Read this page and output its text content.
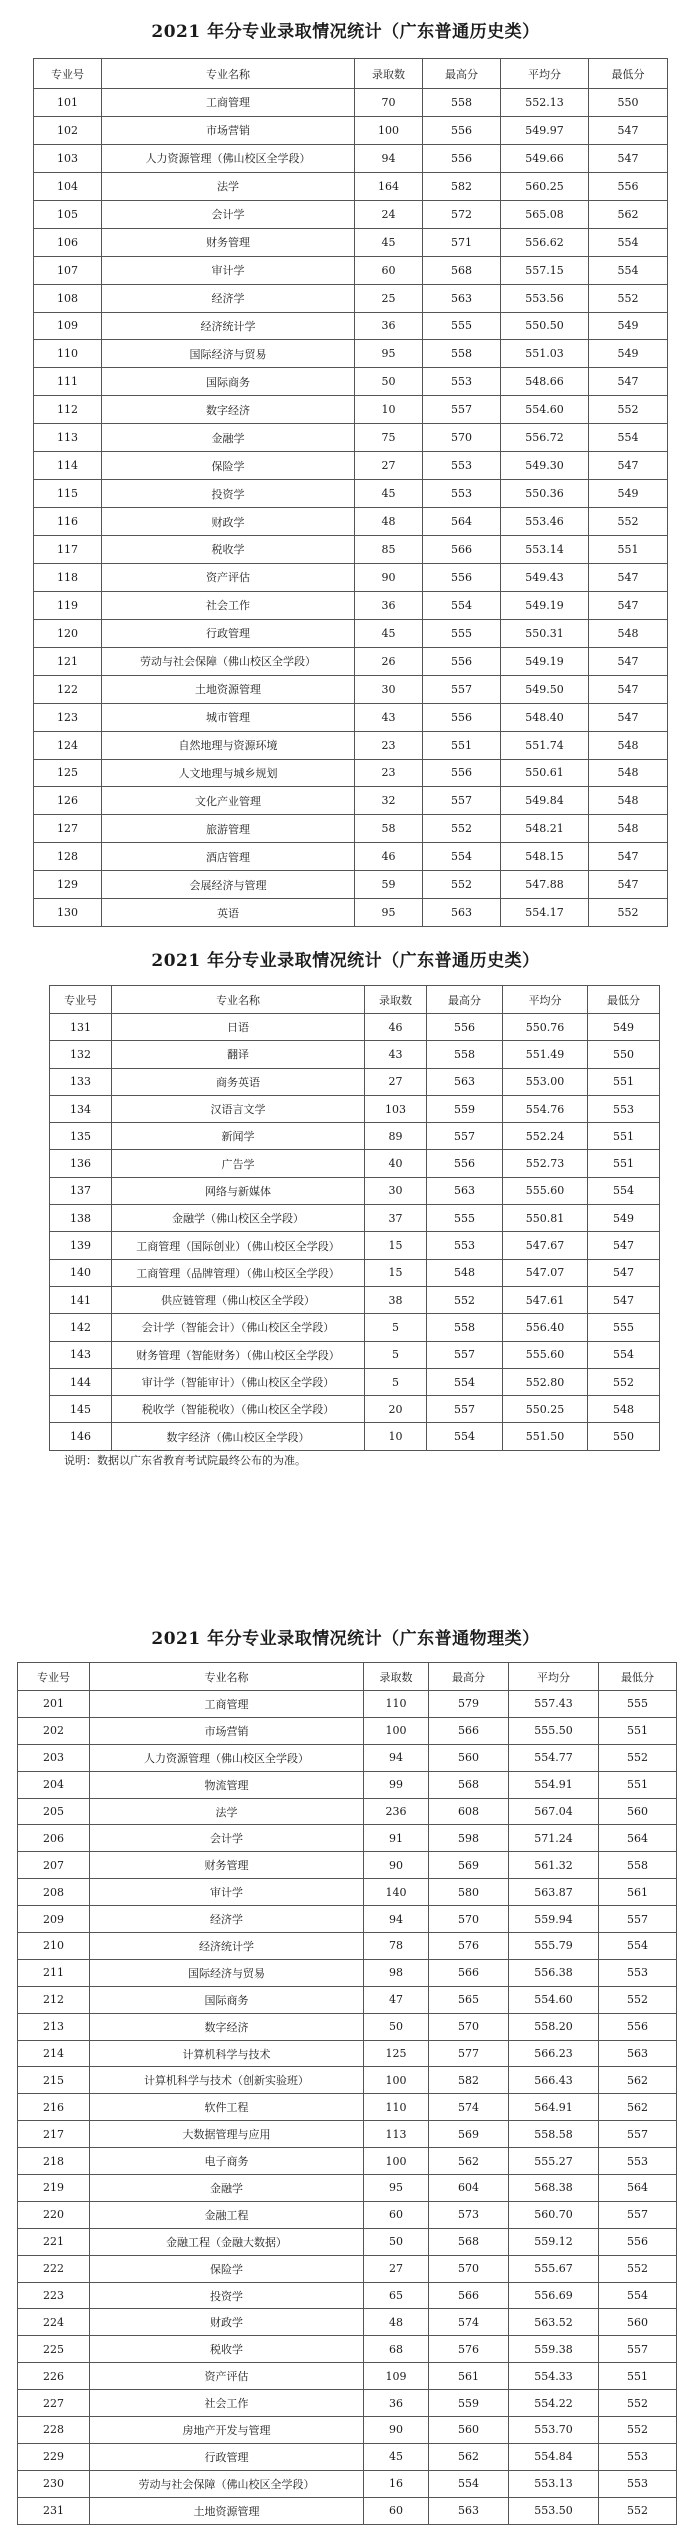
2021 年分专业录取情况统计（广东普通历史类）
专业号	专业名称	录取数	最高分	平均分	最低分
101	工商管理	70	558	552.13	550
102	市场营销	100	556	549.97	547
103	人力资源管理（佛山校区全学段）	94	556	549.66	547
104	法学	164	582	560.25	556
105	会计学	24	572	565.08	562
106	财务管理	45	571	556.62	554
107	审计学	60	568	557.15	554
108	经济学	25	563	553.56	552
109	经济统计学	36	555	550.50	549
110	国际经济与贸易	95	558	551.03	549
111	国际商务	50	553	548.66	547
112	数字经济	10	557	554.60	552
113	金融学	75	570	556.72	554
114	保险学	27	553	549.30	547
115	投资学	45	553	550.36	549
116	财政学	48	564	553.46	552
117	税收学	85	566	553.14	551
118	资产评估	90	556	549.43	547
119	社会工作	36	554	549.19	547
120	行政管理	45	555	550.31	548
121	劳动与社会保障（佛山校区全学段）	26	556	549.19	547
122	土地资源管理	30	557	549.50	547
123	城市管理	43	556	548.40	547
124	自然地理与资源环境	23	551	551.74	548
125	人文地理与城乡规划	23	556	550.61	548
126	文化产业管理	32	557	549.84	548
127	旅游管理	58	552	548.21	548
128	酒店管理	46	554	548.15	547
129	会展经济与管理	59	552	547.88	547
130	英语	95	563	554.17	552
2021 年分专业录取情况统计（广东普通历史类）
专业号	专业名称	录取数	最高分	平均分	最低分
131	日语	46	556	550.76	549
132	翻译	43	558	551.49	550
133	商务英语	27	563	553.00	551
134	汉语言文学	103	559	554.76	553
135	新闻学	89	557	552.24	551
136	广告学	40	556	552.73	551
137	网络与新媒体	30	563	555.60	554
138	金融学（佛山校区全学段）	37	555	550.81	549
139	工商管理（国际创业）（佛山校区全学段）	15	553	547.67	547
140	工商管理（品牌管理）（佛山校区全学段）	15	548	547.07	547
141	供应链管理（佛山校区全学段）	38	552	547.61	547
142	会计学（智能会计）（佛山校区全学段）	5	558	556.40	555
143	财务管理（智能财务）（佛山校区全学段）	5	557	555.60	554
144	审计学（智能审计）（佛山校区全学段）	5	554	552.80	552
145	税收学（智能税收）（佛山校区全学段）	20	557	550.25	548
146	数字经济（佛山校区全学段）	10	554	551.50	550
说明：数据以广东省教育考试院最终公布的为准。
2021 年分专业录取情况统计（广东普通物理类）
专业号	专业名称	录取数	最高分	平均分	最低分
201	工商管理	110	579	557.43	555
202	市场营销	100	566	555.50	551
203	人力资源管理（佛山校区全学段）	94	560	554.77	552
204	物流管理	99	568	554.91	551
205	法学	236	608	567.04	560
206	会计学	91	598	571.24	564
207	财务管理	90	569	561.32	558
208	审计学	140	580	563.87	561
209	经济学	94	570	559.94	557
210	经济统计学	78	576	555.79	554
211	国际经济与贸易	98	566	556.38	553
212	国际商务	47	565	554.60	552
213	数字经济	50	570	558.20	556
214	计算机科学与技术	125	577	566.23	563
215	计算机科学与技术（创新实验班）	100	582	566.43	562
216	软件工程	110	574	564.91	562
217	大数据管理与应用	113	569	558.58	557
218	电子商务	100	562	555.27	553
219	金融学	95	604	568.38	564
220	金融工程	60	573	560.70	557
221	金融工程（金融大数据）	50	568	559.12	556
222	保险学	27	570	555.67	552
223	投资学	65	566	556.69	554
224	财政学	48	574	563.52	560
225	税收学	68	576	559.38	557
226	资产评估	109	561	554.33	551
227	社会工作	36	559	554.22	552
228	房地产开发与管理	90	560	553.70	552
229	行政管理	45	562	554.84	553
230	劳动与社会保障（佛山校区全学段）	16	554	553.13	553
231	土地资源管理	60	563	553.50	552
